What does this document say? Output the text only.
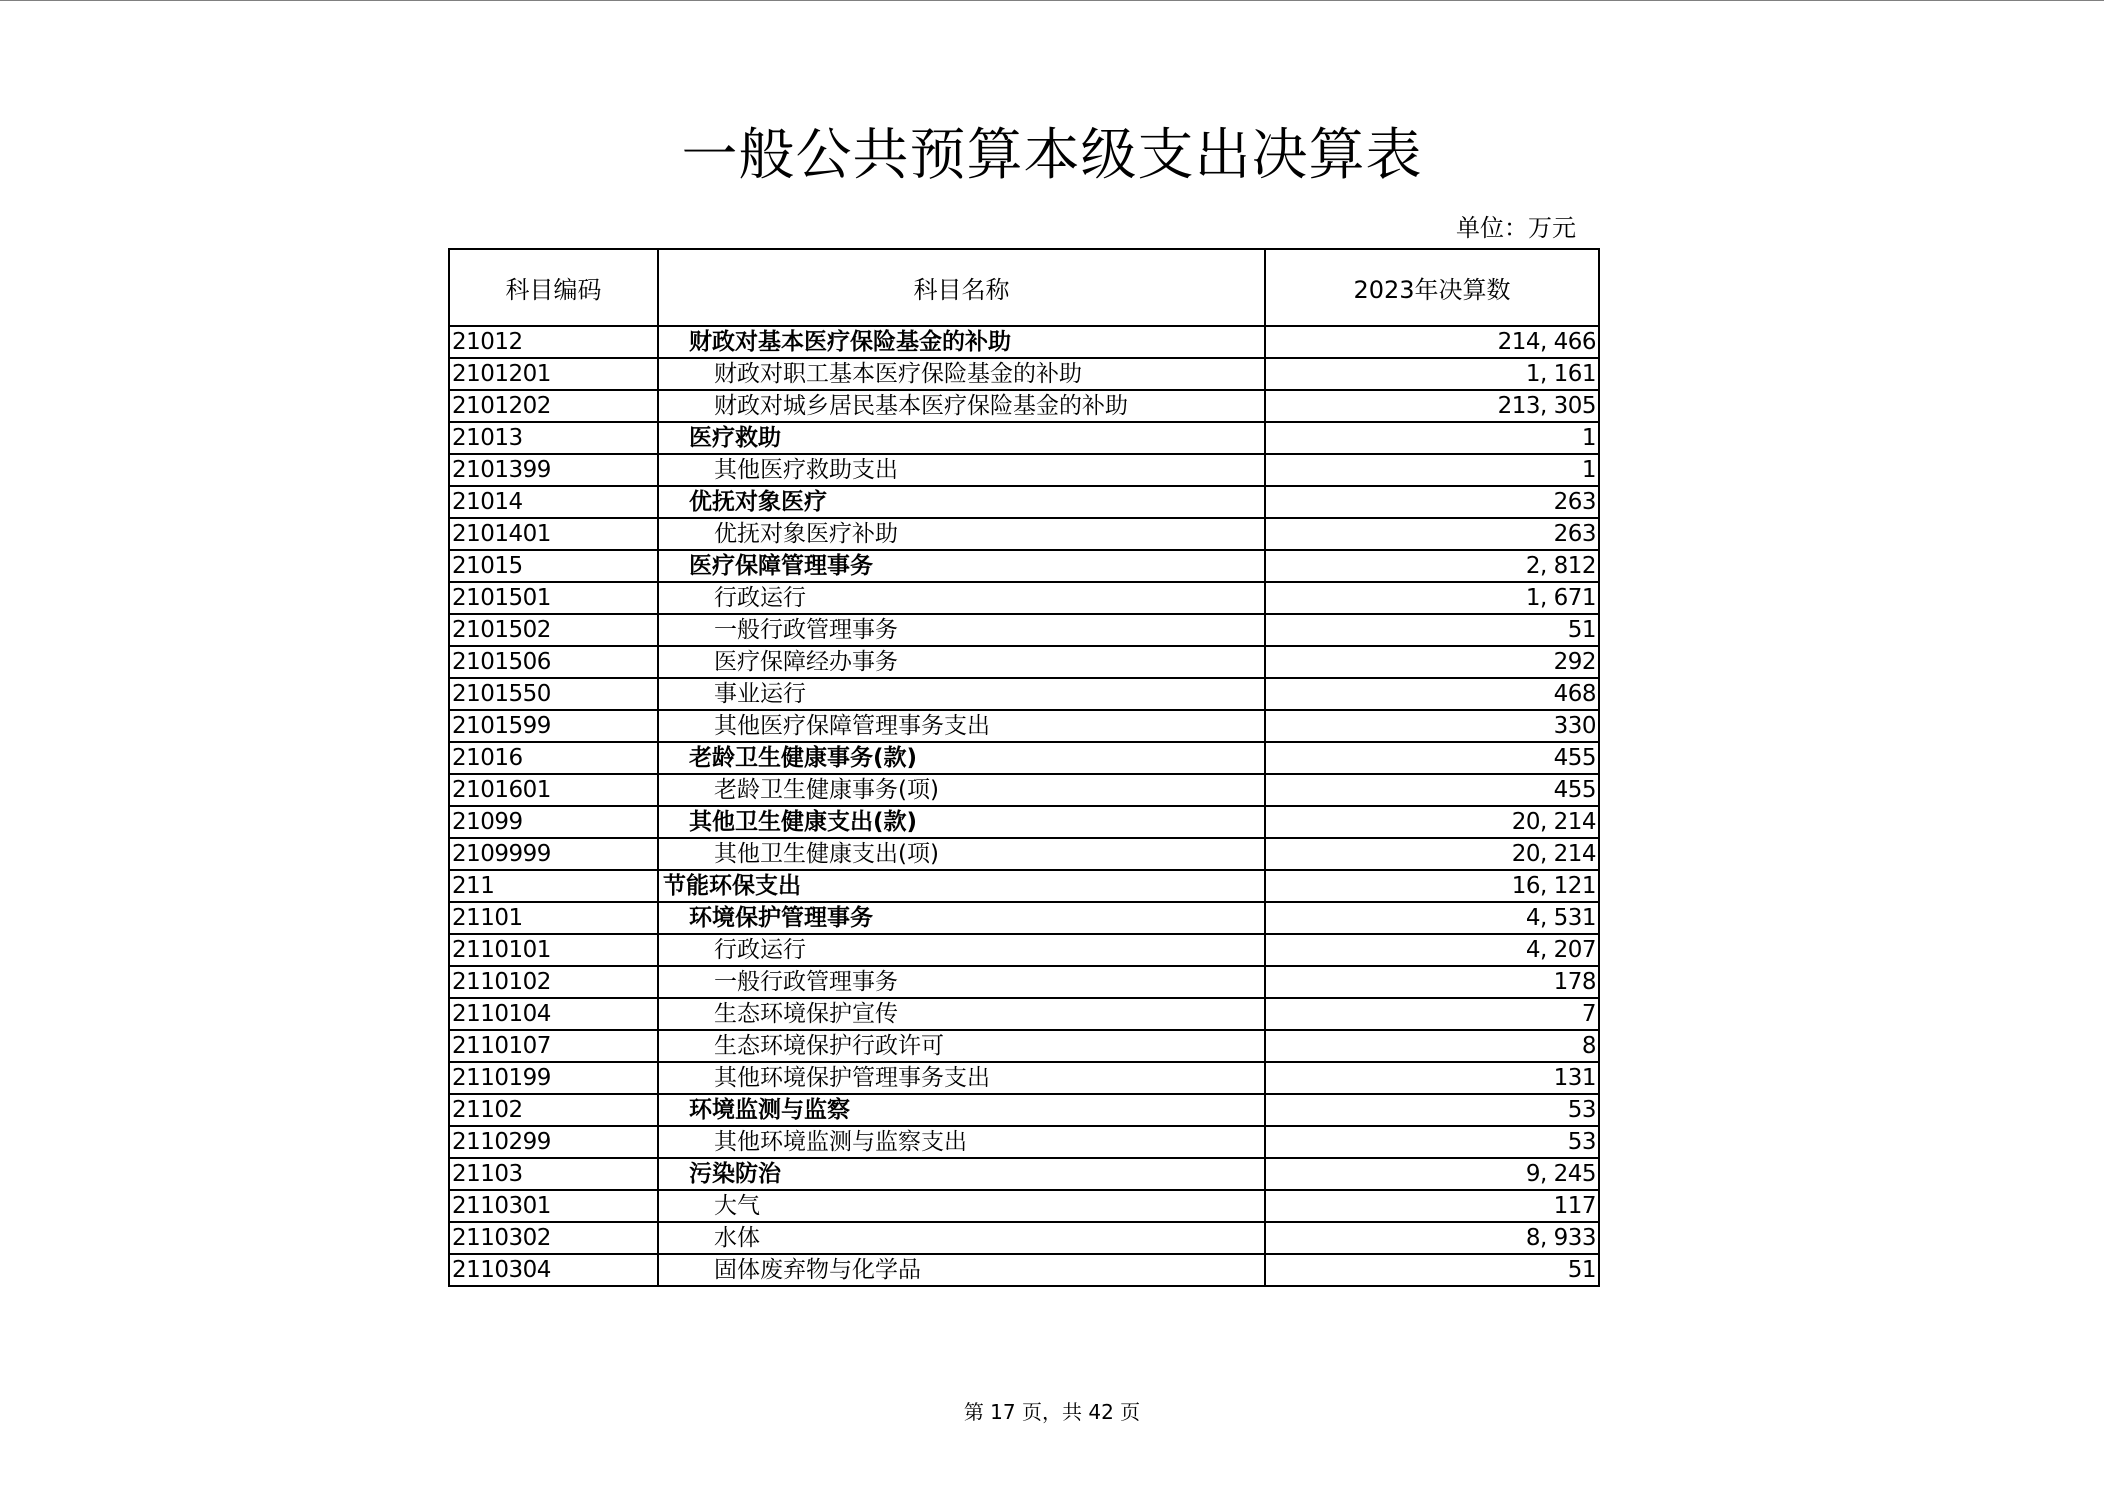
一般公共预算本级支出决算表
单位：万元
科目编码	科目名称	2023年决算数
21012	财政对基本医疗保险基金的补助	214, 466
2101201	财政对职工基本医疗保险基金的补助	1, 161
2101202	财政对城乡居民基本医疗保险基金的补助	213, 305
21013	医疗救助	1
2101399	其他医疗救助支出	1
21014	优抚对象医疗	263
2101401	优抚对象医疗补助	263
21015	医疗保障管理事务	2, 812
2101501	行政运行	1, 671
2101502	一般行政管理事务	51
2101506	医疗保障经办事务	292
2101550	事业运行	468
2101599	其他医疗保障管理事务支出	330
21016	老龄卫生健康事务(款)	455
2101601	老龄卫生健康事务(项)	455
21099	其他卫生健康支出(款)	20, 214
2109999	其他卫生健康支出(项)	20, 214
211	节能环保支出	16, 121
21101	环境保护管理事务	4, 531
2110101	行政运行	4, 207
2110102	一般行政管理事务	178
2110104	生态环境保护宣传	7
2110107	生态环境保护行政许可	8
2110199	其他环境保护管理事务支出	131
21102	环境监测与监察	53
2110299	其他环境监测与监察支出	53
21103	污染防治	9, 245
2110301	大气	117
2110302	水体	8, 933
2110304	固体废弃物与化学品	51
第 17 页，共 42 页
